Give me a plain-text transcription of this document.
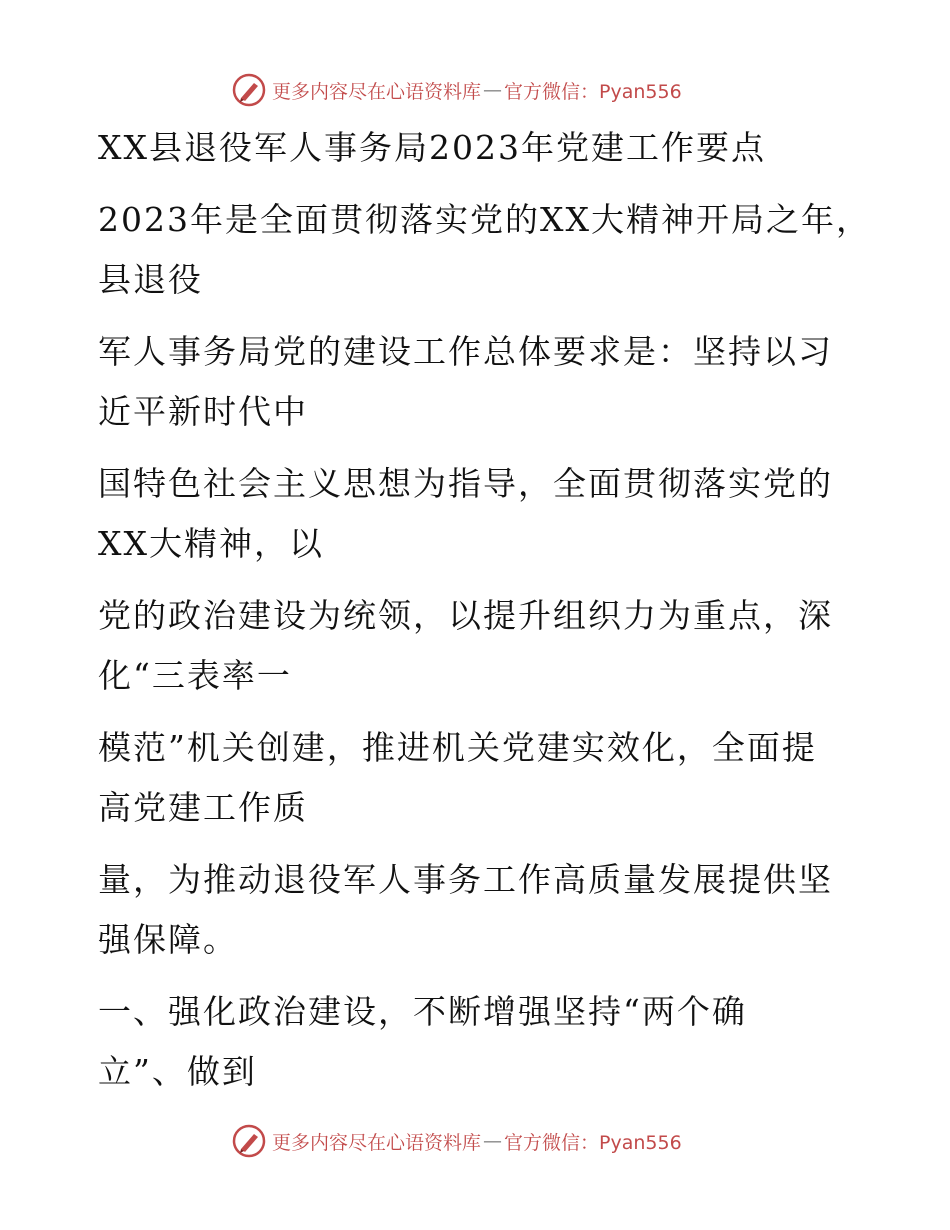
更多内容尽在心语资料库 — 官方微信：Pyan556
XX县退役军人事务局2023年党建工作要点
2023年是全面贯彻落实党的XX大精神开局之年，
县退役
军人事务局党的建设工作总体要求是：坚持以习
近平新时代中
国特色社会主义思想为指导，全面贯彻落实党的
XX大精神，以
党的政治建设为统领，以提升组织力为重点，深
化“三表率一
模范”机关创建，推进机关党建实效化，全面提
高党建工作质
量，为推动退役军人事务工作高质量发展提供坚
强保障。
一、强化政治建设，不断增强坚持“两个确
立”、做到
更多内容尽在心语资料库 — 官方微信：Pyan556
